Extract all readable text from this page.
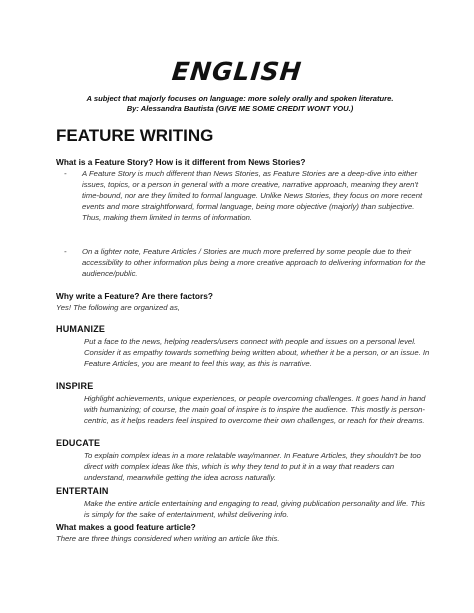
ENGLISH
A subject that majorly focuses on language: more solely orally and spoken literature.
By: Alessandra Bautista (GIVE ME SOME CREDIT WONT YOU.)
FEATURE WRITING
What is a Feature Story? How is it different from News Stories?
- A Feature Story is much different than News Stories, as Feature Stories are a deep-dive into either issues, topics, or a person in general with a more creative, narrative approach, meaning they aren't time-bound, nor are they limited to formal language. Unlike News Stories, they focus on more recent events and more straightforward, formal language, being more objective (majorly) than subjective. Thus, making them limited in terms of information.
- On a lighter note, Feature Articles / Stories are much more preferred by some people due to their accessibility to other information plus being a more creative approach to delivering information for the audience/public.
Why write a Feature? Are there factors?
Yes! The following are organized as,
HUMANIZE
Put a face to the news, helping readers/users connect with people and issues on a personal level. Consider it as empathy towards something being written about, whether it be a person, or an issue. In Feature Articles, you are meant to feel this way, as this is narrative.
INSPIRE
Highlight achievements, unique experiences, or people overcoming challenges. It goes hand in hand with humanizing; of course, the main goal of inspire is to inspire the audience. This mostly is person-centric, as it helps readers feel inspired to overcome their own challenges, or reach for their dreams.
EDUCATE
To explain complex ideas in a more relatable way/manner. In Feature Articles, they shouldn't be too direct with complex ideas like this, which is why they tend to put it in a way that readers can understand, meanwhile getting the idea across naturally.
ENTERTAIN
Make the entire article entertaining and engaging to read, giving publication personality and life. This is simply for the sake of entertainment, whilst delivering info.
What makes a good feature article?
There are three things considered when writing an article like this.
